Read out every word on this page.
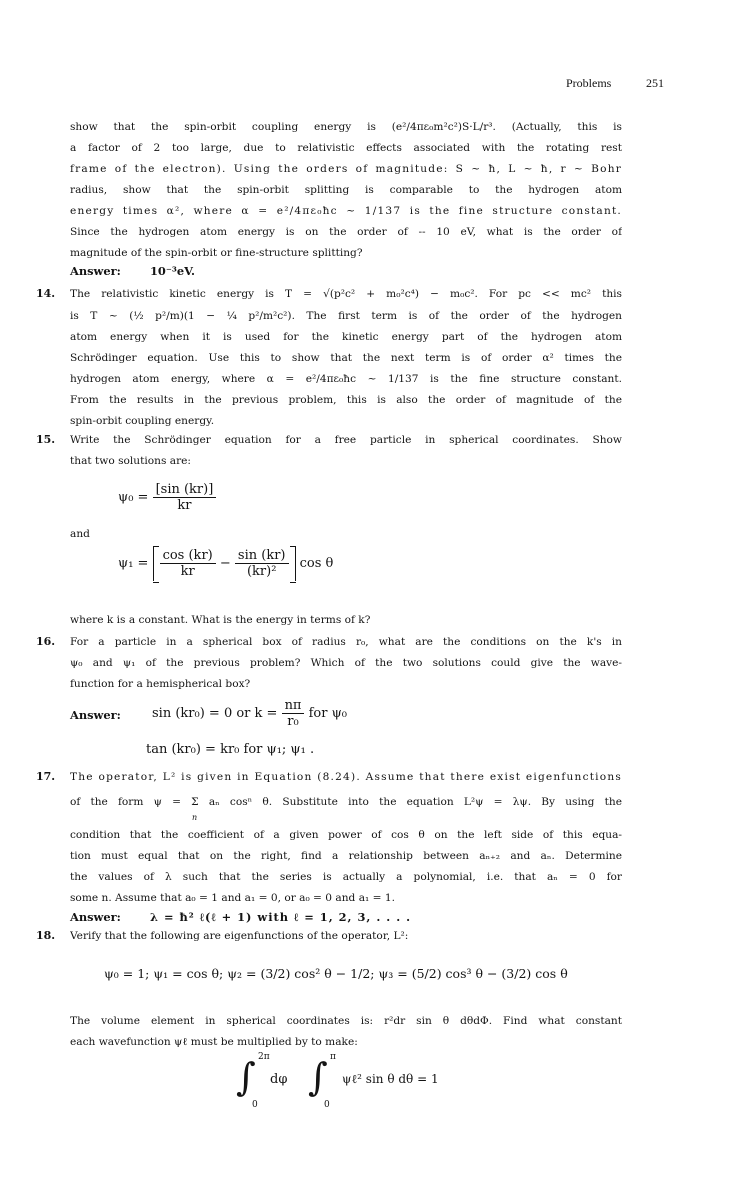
Problems	251
show that the spin-orbit coupling energy is (e²/4πε₀m²c²)S·L/r³. (Actually, this is
a factor of 2 too large, due to relativistic effects associated with the rotating rest
frame of the electron). Using the orders of magnitude: S ~ ħ, L ~ ħ, r ~ Bohr
radius, show that the spin-orbit splitting is comparable to the hydrogen atom
energy times α², where α = e²/4πε₀ħc ~ 1/137 is the fine structure constant.
Since the hydrogen atom energy is on the order of -- 10 eV, what is the order of
magnitude of the spin-orbit or fine-structure splitting?
Answer:	10⁻³eV.
14. The relativistic kinetic energy is T = √(p²c² + m₀²c⁴) − m₀c². For pc << mc² this
is T ~ (½ p²/m)(1 − ¼ p²/m²c²). The first term is of the order of the hydrogen
atom energy when it is used for the kinetic energy part of the hydrogen atom
Schrödinger equation. Use this to show that the next term is of order α² times the
hydrogen atom energy, where α = e²/4πε₀ħc ~ 1/137 is the fine structure constant.
From the results in the previous problem, this is also the order of magnitude of the
spin-orbit coupling energy.
15. Write the Schrödinger equation for a free particle in spherical coordinates. Show
that two solutions are:
$\psi_0 = \frac{[\sin (kr)]}{kr}$
and
$\psi_1 = \frac{\cos (kr)}{kr} - \frac{\sin (kr)}{\text{(kr)²}}$ cos θ
where k is a constant. What is the energy in terms of k?
16. For a particle in a spherical box of radius r₀, what are the conditions on the k's in
ψ₀ and ψ₁ of the previous problem? Which of the two solutions could give the wave-
function for a hemispherical box?
Answer: sin (kr₀) = 0 or $k = \frac{n\pi}{\text{r₀}}$ for ψ₀
tan (kr₀) = kr₀ for ψ₁; ψ₁ .
17. The operator, L² is given in Equation (8.24). Assume that there exist eigenfunctions
of the form ψ = Σ aₙ cosⁿ θ. Substitute into the equation L²ψ = λψ. By using the
n
condition that the coefficient of a given power of cos θ on the left side of this equa-
tion must equal that on the right, find a relationship between aₙ₊₂ and aₙ. Determine
the values of λ such that the series is actually a polynomial, i.e. that aₙ = 0 for
some n. Assume that a₀ = 1 and a₁ = 0, or a₀ = 0 and a₁ = 1.
Answer:	λ = ħ² ℓ(ℓ + 1) with ℓ = 1, 2, 3, . . . .
18. Verify that the following are eigenfunctions of the operator, L²:
ψ₀ = 1; ψ₁ = cos θ; ψ₂ = (3/2) cos² θ − 1/2; ψ₃ = (5/2) cos³ θ − (3/2) cos θ
The volume element in spherical coordinates is: r²dr sin θ dθdΦ. Find what constant
each wavefunction ψℓ must be multiplied by to make:
∫ 2π
0
dφ ∫ π
0
ψℓ² sin θ dθ = 1
